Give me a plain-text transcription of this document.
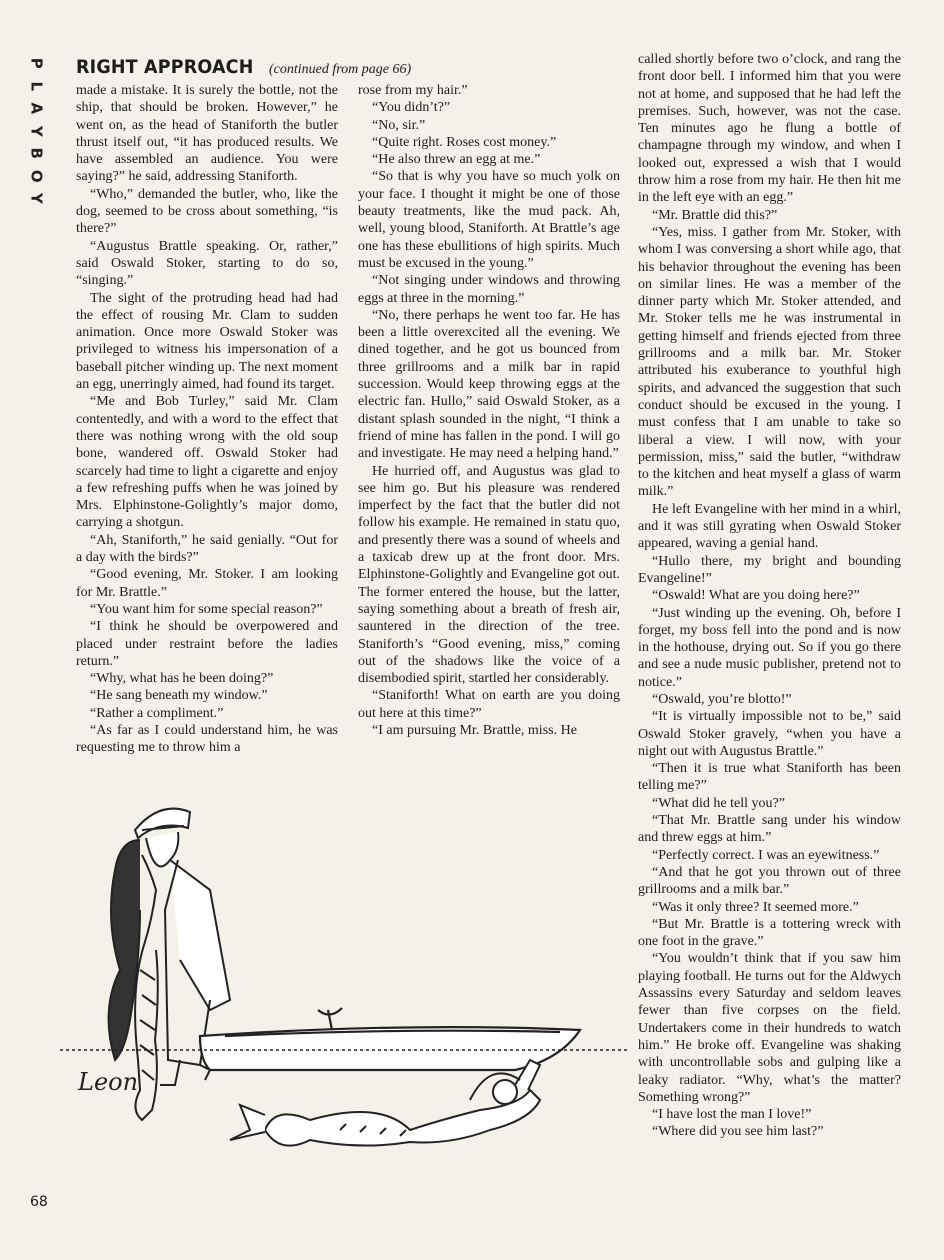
P
L
A
Y
B
O
Y
RIGHT APPROACH (continued from page 66)

made a mistake. It is surely the bottle, not the ship, that should be broken. However,” he went on, as the head of Staniforth the butler thrust itself out, “it has produced results. We have assembled an audience. You were saying?” he said, addressing Staniforth.

“Who,” demanded the butler, who, like the dog, seemed to be cross about something, “is there?”

“Augustus Brattle speaking. Or, rather,” said Oswald Stoker, starting to do so, “singing.”

The sight of the protruding head had had the effect of rousing Mr. Clam to sudden animation. Once more Oswald Stoker was privileged to witness his impersonation of a baseball pitcher winding up. The next moment an egg, unerringly aimed, had found its target.

“Me and Bob Turley,” said Mr. Clam contentedly, and with a word to the effect that there was nothing wrong with the old soup bone, wandered off. Oswald Stoker had scarcely had time to light a cigarette and enjoy a few refreshing puffs when he was joined by Mrs. Elphinstone-Golightly’s major domo, carrying a shotgun.

“Ah, Staniforth,” he said genially. “Out for a day with the birds?”

“Good evening, Mr. Stoker. I am looking for Mr. Brattle.”

“You want him for some special reason?”

“I think he should be overpowered and placed under restraint before the ladies return.”

“Why, what has he been doing?”

“He sang beneath my window.”

“Rather a compliment.”

“As far as I could understand him, he was requesting me to throw him a

rose from my hair.”

“You didn’t?”

“No, sir.”

“Quite right. Roses cost money.”

“He also threw an egg at me.”

“So that is why you have so much yolk on your face. I thought it might be one of those beauty treatments, like the mud pack. Ah, well, young blood, Staniforth. At Brattle’s age one has these ebullitions of high spirits. Much must be excused in the young.”

“Not singing under windows and throwing eggs at three in the morning.”

“No, there perhaps he went too far. He has been a little overexcited all the evening. We dined together, and he got us bounced from three grillrooms and a milk bar in rapid succession. Would keep throwing eggs at the electric fan. Hullo,” said Oswald Stoker, as a distant splash sounded in the night, “I think a friend of mine has fallen in the pond. I will go and investigate. He may need a helping hand.”

He hurried off, and Augustus was glad to see him go. But his pleasure was rendered imperfect by the fact that the butler did not follow his example. He remained in statu quo, and presently there was a sound of wheels and a taxicab drew up at the front door. Mrs. Elphinstone-Golightly and Evangeline got out. The former entered the house, but the latter, saying something about a breath of fresh air, sauntered in the direction of the tree. Staniforth’s “Good evening, miss,” coming out of the shadows like the voice of a disembodied spirit, startled her considerably.

“Staniforth! What on earth are you doing out here at this time?”

“I am pursuing Mr. Brattle, miss. He

called shortly before two o’clock, and rang the front door bell. I informed him that you were not at home, and supposed that he had left the premises. Such, however, was not the case. Ten minutes ago he flung a bottle of champagne through my window, and when I looked out, expressed a wish that I would throw him a rose from my hair. He then hit me in the left eye with an egg.”

“Mr. Brattle did this?”

“Yes, miss. I gather from Mr. Stoker, with whom I was conversing a short while ago, that his behavior throughout the evening has been on similar lines. He was a member of the dinner party which Mr. Stoker attended, and Mr. Stoker tells me he was instrumental in getting himself and friends ejected from three grillrooms and a milk bar. Mr. Stoker attributed his exuberance to youthful high spirits, and advanced the suggestion that such conduct should be excused in the young. I must confess that I am unable to take so liberal a view. I will now, with your permission, miss,” said the butler, “withdraw to the kitchen and heat myself a glass of warm milk.”

He left Evangeline with her mind in a whirl, and it was still gyrating when Oswald Stoker appeared, waving a genial hand.

“Hullo there, my bright and bounding Evangeline!”

“Oswald! What are you doing here?”

“Just winding up the evening. Oh, before I forget, my boss fell into the pond and is now in the hothouse, drying out. So if you go there and see a nude music publisher, pretend not to notice.”

“Oswald, you’re blotto!”

“It is virtually impossible not to be,” said Oswald Stoker gravely, “when you have a night out with Augustus Brattle.”

“Then it is true what Staniforth has been telling me?”

“What did he tell you?”

“That Mr. Brattle sang under his window and threw eggs at him.”

“Perfectly correct. I was an eyewitness.”

“And that he got you thrown out of three grillrooms and a milk bar.”

“Was it only three? It seemed more.”

“But Mr. Brattle is a tottering wreck with one foot in the grave.”

“You wouldn’t think that if you saw him playing football. He turns out for the Aldwych Assassins every Saturday and seldom leaves fewer than five corpses on the field. Undertakers come in their hundreds to watch him.” He broke off. Evangeline was shaking with uncontrollable sobs and gulping like a leaky radiator. “Why, what’s the matter? Something wrong?”

“I have lost the man I love!”

“Where did you see him last?”

Leon
68
